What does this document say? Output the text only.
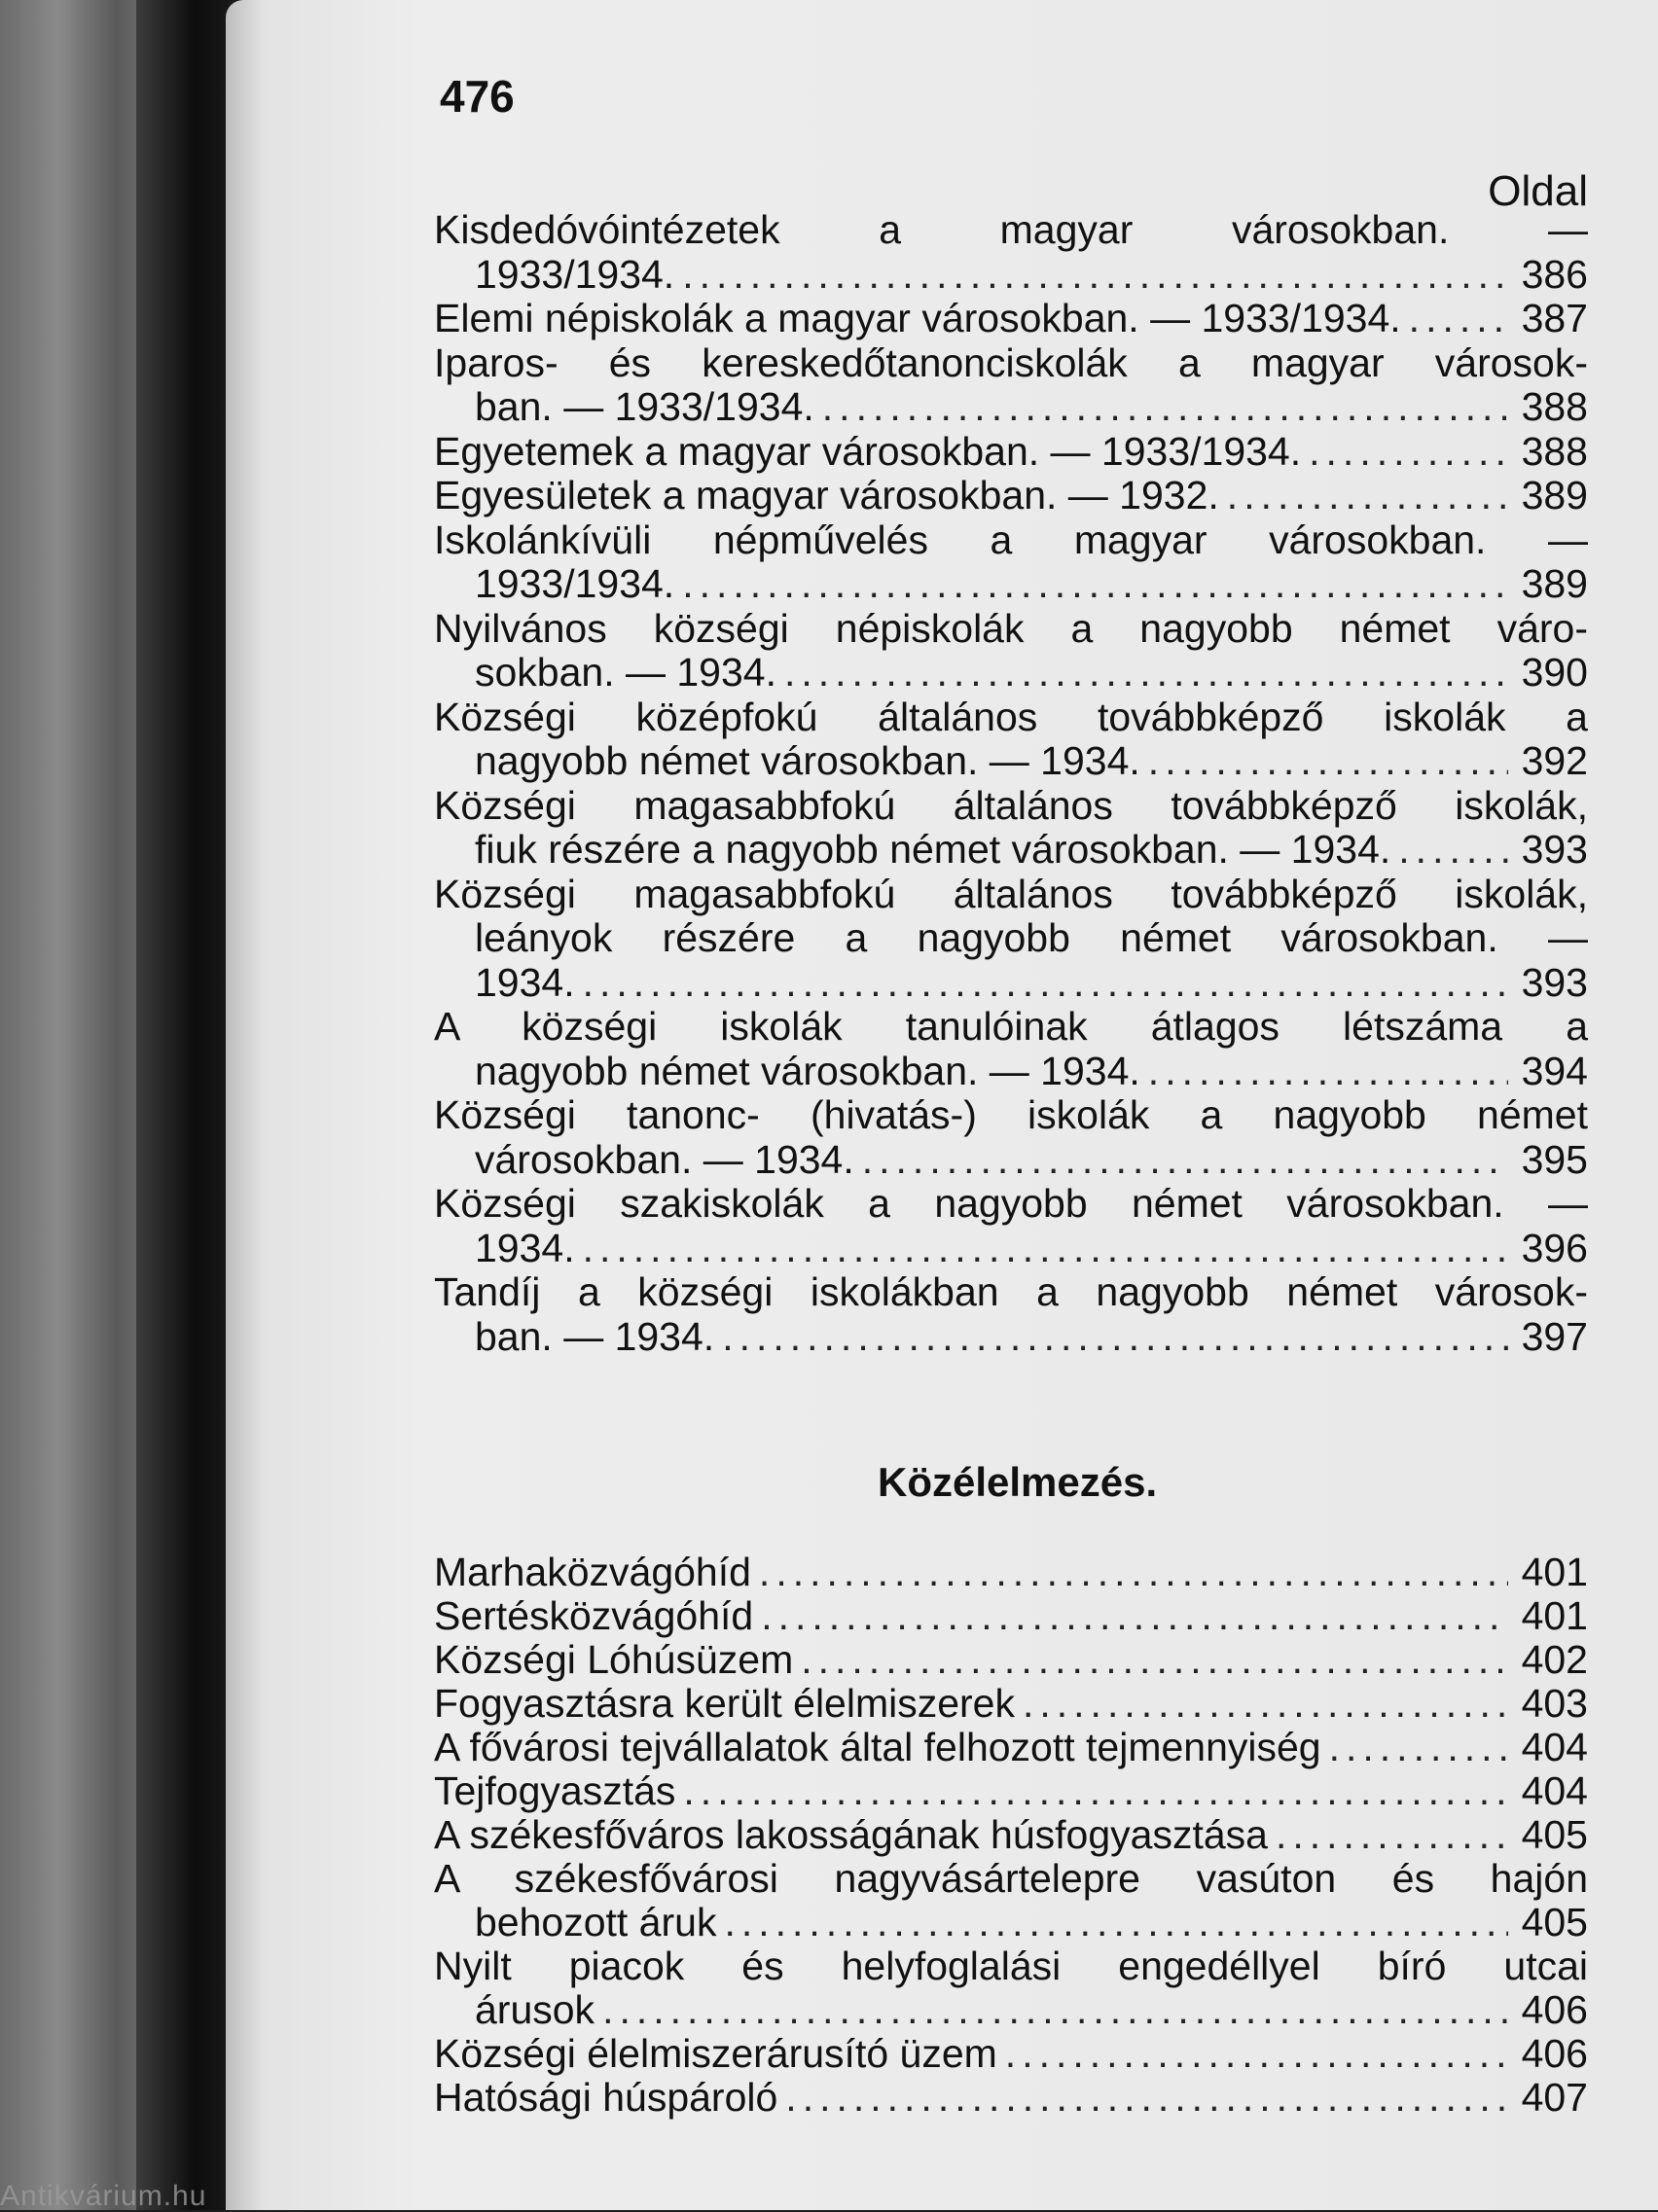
476
Oldal
Kisdedóvóintézetek a magyar városokban. —
1933/1934. .....	386
Elemi népiskolák a magyar városokban. — 1933/1934. .....	387
Iparos- és kereskedőtanonciskolák a magyar városok-
ban. — 1933/1934. .....	388
Egyetemek a magyar városokban. — 1933/1934. .....	388
Egyesületek a magyar városokban. — 1932. .....	389
Iskolánkívüli népművelés a magyar városokban. —
1933/1934. .....	389
Nyilvános községi népiskolák a nagyobb német váro-
sokban. — 1934. .....	390
Községi középfokú általános továbbképző iskolák a
nagyobb német városokban. — 1934. .....	392
Községi magasabbfokú általános továbbképző iskolák,
fiuk részére a nagyobb német városokban. — 1934. .....	393
Községi magasabbfokú általános továbbképző iskolák,
leányok részére a nagyobb német városokban. —
1934. .....	393
A községi iskolák tanulóinak átlagos létszáma a
nagyobb német városokban. — 1934. .....	394
Községi tanonc- (hivatás-) iskolák a nagyobb német
városokban. — 1934. .....	395
Községi szakiskolák a nagyobb német városokban. —
1934. .....	396
Tandíj a községi iskolákban a nagyobb német városok-
ban. — 1934. .....	397
Közélelmezés.
Marhaközvágóhíd .....	401
Sertésközvágóhíd .....	401
Községi Lóhúsüzem .....	402
Fogyasztásra került élelmiszerek .....	403
A fővárosi tejvállalatok által felhozott tejmennyiség .....	404
Tejfogyasztás .....	404
A székesfőváros lakosságának húsfogyasztása .....	405
A székesfővárosi nagyvásártelepre vasúton és hajón
behozott áruk .....	405
Nyilt piacok és helyfoglalási engedéllyel bíró utcai
árusok .....	406
Községi élelmiszerárusító üzem .....	406
Hatósági húspároló .....	407
Antikvárium.hu
